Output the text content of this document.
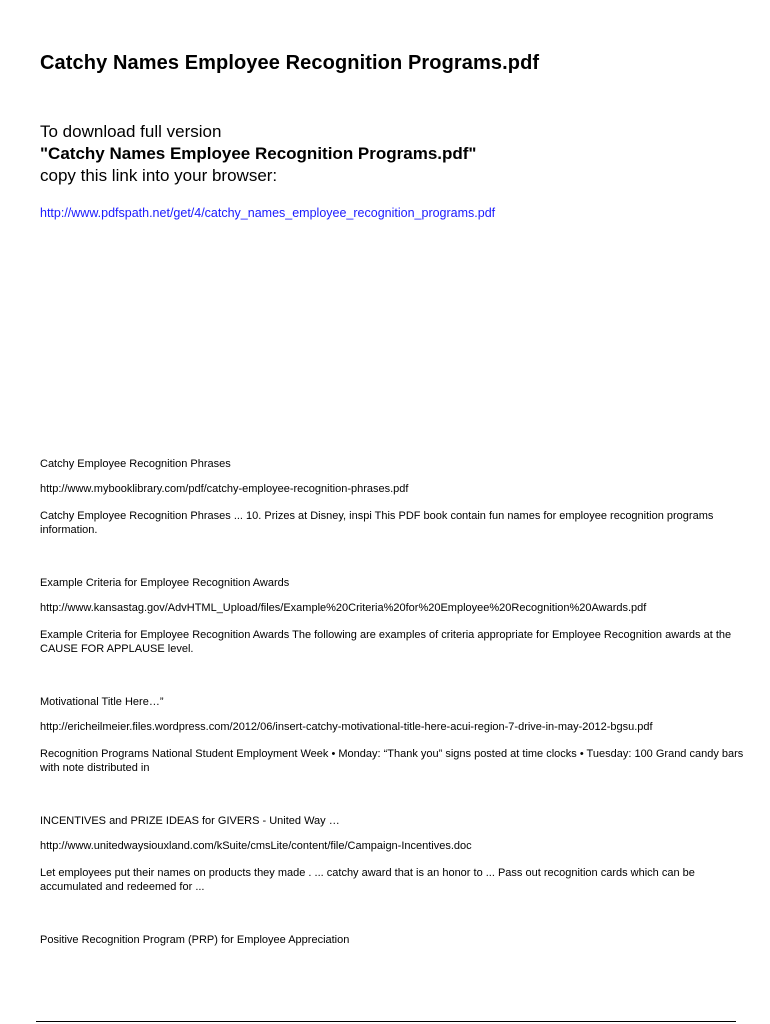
Catchy Names Employee Recognition Programs.pdf
To download full version
"Catchy Names Employee Recognition Programs.pdf"
copy this link into your browser:
http://www.pdfspath.net/get/4/catchy_names_employee_recognition_programs.pdf
Catchy Employee Recognition Phrases
http://www.mybooklibrary.com/pdf/catchy-employee-recognition-phrases.pdf
Catchy Employee Recognition Phrases ... 10. Prizes at Disney, inspi This PDF book contain fun names for employee recognition programs information.
Example Criteria for Employee Recognition Awards
http://www.kansastag.gov/AdvHTML_Upload/files/Example%20Criteria%20for%20Employee%20Recognition%20Awards.pdf
Example Criteria for Employee Recognition Awards The following are examples of criteria appropriate for Employee Recognition awards at the CAUSE FOR APPLAUSE level.
Motivational Title Here…”
http://ericheilmeier.files.wordpress.com/2012/06/insert-catchy-motivational-title-here-acui-region-7-drive-in-may-2012-bgsu.pdf
Recognition Programs National Student Employment Week • Monday: “Thank you” signs posted at time clocks • Tuesday: 100 Grand candy bars with note distributed in
INCENTIVES and PRIZE IDEAS for GIVERS - United Way …
http://www.unitedwaysiouxland.com/kSuite/cmsLite/content/file/Campaign-Incentives.doc
Let employees put their names on products they made . ... catchy award that is an honor to ... Pass out recognition cards which can be accumulated and redeemed for ...
Positive Recognition Program (PRP) for Employee Appreciation
